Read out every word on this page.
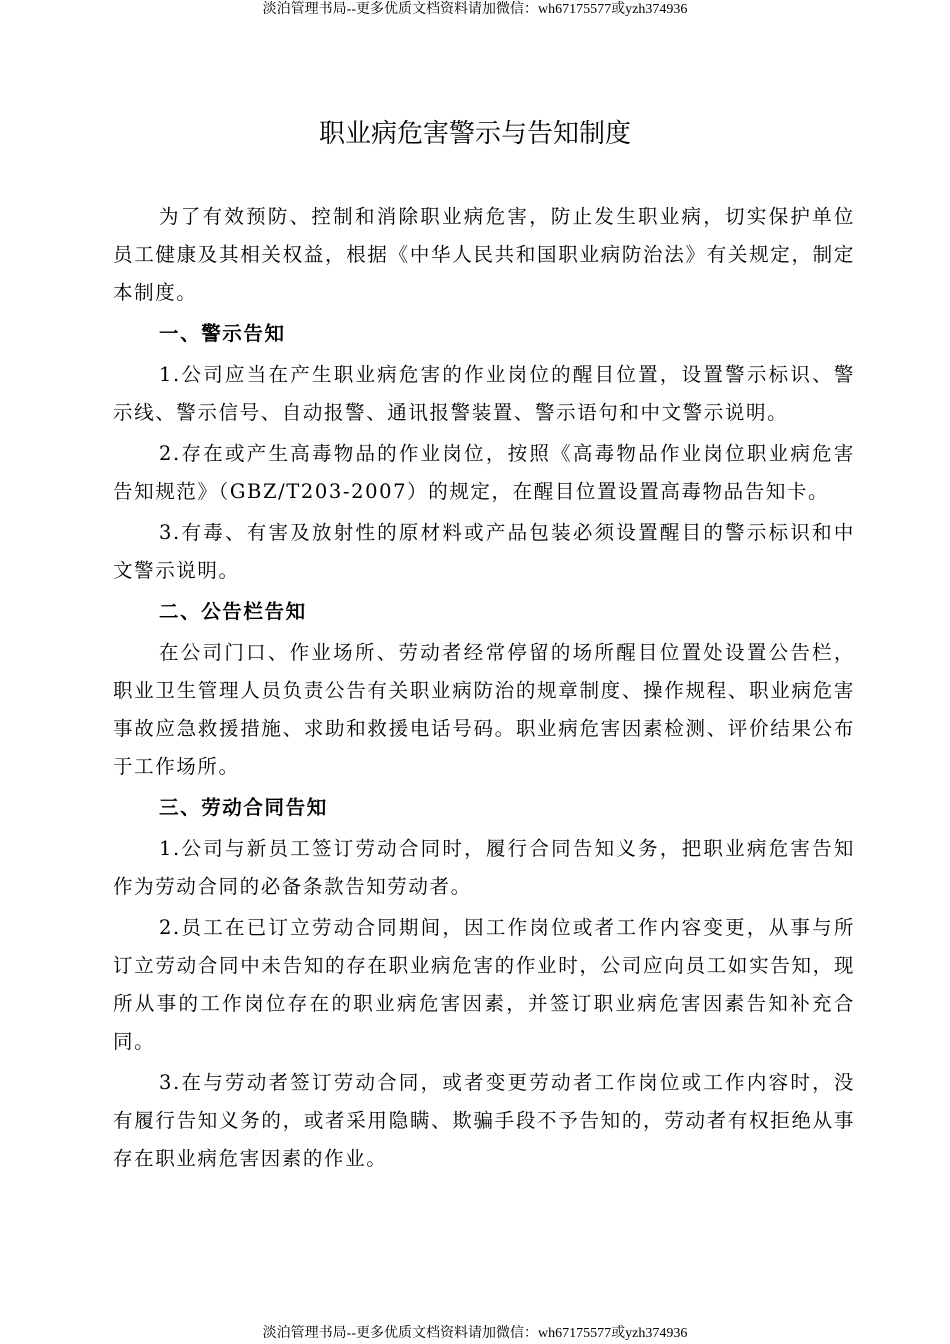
淡泊管理书局--更多优质文档资料请加微信：wh67175577或yzh374936
职业病危害警示与告知制度

为了有效预防、控制和消除职业病危害，防止发生职业病，切实保护单位员工健康及其相关权益，根据《中华人民共和国职业病防治法》有关规定，制定本制度。

一、警示告知

1.公司应当在产生职业病危害的作业岗位的醒目位置，设置警示标识、警示线、警示信号、自动报警、通讯报警装置、警示语句和中文警示说明。

2.存在或产生高毒物品的作业岗位，按照《高毒物品作业岗位职业病危害告知规范》（GBZ/T203-2007）的规定，在醒目位置设置高毒物品告知卡。

3.有毒、有害及放射性的原材料或产品包装必须设置醒目的警示标识和中文警示说明。

二、公告栏告知

在公司门口、作业场所、劳动者经常停留的场所醒目位置处设置公告栏，职业卫生管理人员负责公告有关职业病防治的规章制度、操作规程、职业病危害事故应急救援措施、求助和救援电话号码。职业病危害因素检测、评价结果公布于工作场所。

三、劳动合同告知

1.公司与新员工签订劳动合同时，履行合同告知义务，把职业病危害告知作为劳动合同的必备条款告知劳动者。

2.员工在已订立劳动合同期间，因工作岗位或者工作内容变更，从事与所订立劳动合同中未告知的存在职业病危害的作业时，公司应向员工如实告知，现所从事的工作岗位存在的职业病危害因素，并签订职业病危害因素告知补充合同。

3.在与劳动者签订劳动合同，或者变更劳动者工作岗位或工作内容时，没有履行告知义务的，或者采用隐瞒、欺骗手段不予告知的，劳动者有权拒绝从事存在职业病危害因素的作业。

淡泊管理书局--更多优质文档资料请加微信：wh67175577或yzh374936
